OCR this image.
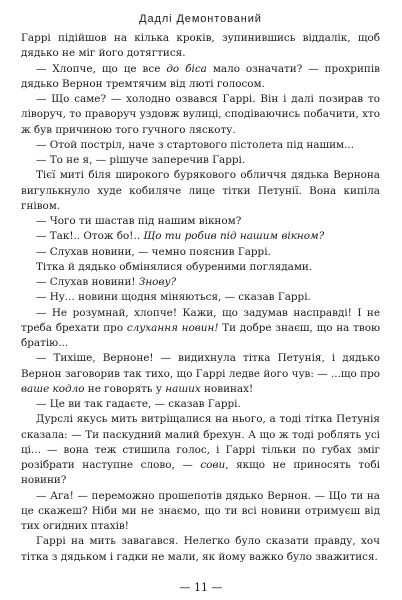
Дадлі Демонтований

Гаррі підійшов на кілька кроків, зупинившись віддалік, щоб дядько не міг його дотягтися.

— Хлопче, що це все до біса мало означати? — прохрипів дядько Вернон тремтячим від люті голосом.

— Що саме? — холодно озвався Гаррі. Він і далі позирав то ліворуч, то праворуч уздовж вулиці, сподіваючись побачити, хто ж був причиною того гучного ляскоту.

— Отой постріл, наче з стартового пістолета під нашим...

— То не я, — рішуче заперечив Гаррі.

Тієї миті біля широкого бурякового обличчя дядька Вернона вигулькнуло худе кобиляче лице тітки Петунії. Вона кипіла гнівом.

— Чого ти шастав під нашим вікном?

— Так!.. Отож бо!.. Що ти робив під нашим вікном?

— Слухав новини, — чемно пояснив Гаррі.

Тітка й дядько обмінялися обуреними поглядами.

— Слухав новини! Знову?

— Ну... новини щодня міняються, — сказав Гаррі.

— Не розумнай, хлопче! Кажи, що задумав насправді! І не треба брехати про слухання новин! Ти добре знаєш, що на твою братію...

— Тихіше, Верноне! — видихнула тітка Петунія, і дядько Вернон заговорив так тихо, що Гаррі ледве його чув: — ...що про ваше кодло не говорять у наших новинах!

— Це ви так гадаєте, — сказав Гаррі.

Дурслі якусь мить витріщалися на нього, а тоді тітка Петунія сказала: — Ти паскудний малий брехун. А що ж тоді роблять усі ці... — вона теж стишила голос, і Гаррі тільки по губах зміг розібрати наступне слово, — сови, якщо не приносять тобі новини?

— Ага! — переможно прошепотів дядько Вернон. — Що ти на це скажеш? Ніби ми не знаємо, що ти всі новини отримуєш від тих огидних птахів!

Гаррі на мить завагався. Нелегко було сказати правду, хоч тітка з дядьком і гадки не мали, як йому важко було зважитися.

— 11 —
